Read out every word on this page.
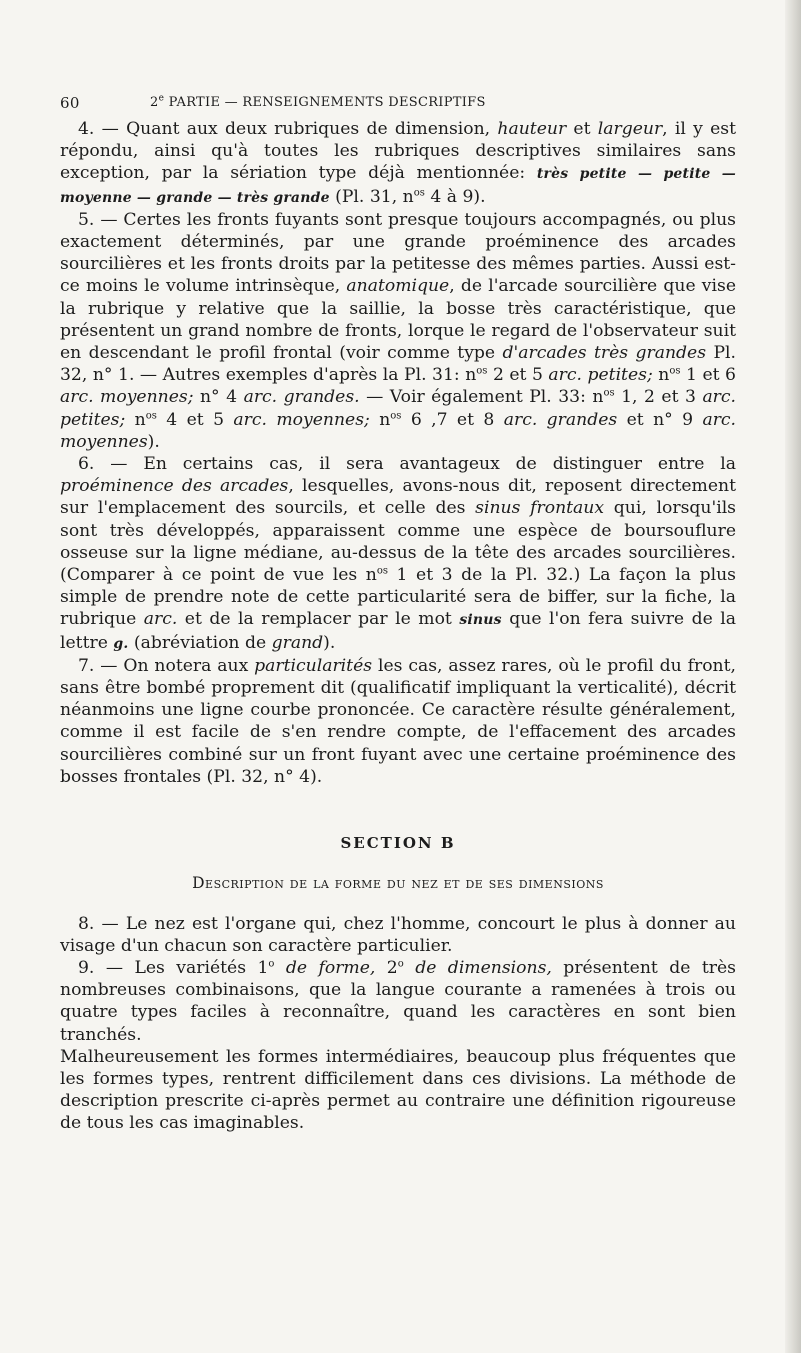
60	2e PARTIE — RENSEIGNEMENTS DESCRIPTIFS

4. — Quant aux deux rubriques de dimension, hauteur et largeur, il y est répondu, ainsi qu'à toutes les rubriques descriptives similaires sans exception, par la sériation type déjà mentionnée: très petite — petite — moyenne — grande — très grande (Pl. 31, $n^{os}$ 4 à 9).

5. — Certes les fronts fuyants sont presque toujours accompagnés, ou plus exactement déterminés, par une grande proéminence des arcades sourcilières et les fronts droits par la petitesse des mêmes parties. Aussi est-ce moins le volume intrinsèque, anatomique, de l'arcade sourcilière que vise la rubrique y relative que la saillie, la bosse très caractéristique, que présentent un grand nombre de fronts, lorque le regard de l'observateur suit en descendant le profil frontal (voir comme type d'arcades très grandes Pl. 32, n° 1. — Autres exemples d'après la Pl. 31: $n^{os}$ 2 et 5 arc. petites; $n^{os}$ 1 et 6 arc. moyennes; n° 4 arc. grandes. — Voir également Pl. 33: $n^{os}$ 1, 2 et 3 arc. petites; $n^{os}$ 4 et 5 arc. moyennes; $n^{os}$ 6 ,7 et 8 arc. grandes et n° 9 arc. moyennes).

6. — En certains cas, il sera avantageux de distinguer entre la proéminence des arcades, lesquelles, avons-nous dit, reposent directement sur l'emplacement des sourcils, et celle des sinus frontaux qui, lorsqu'ils sont très développés, apparaissent comme une espèce de boursouflure osseuse sur la ligne médiane, au-dessus de la tête des arcades sourcilières. (Comparer à ce point de vue les $n^{os}$ 1 et 3 de la Pl. 32.) La façon la plus simple de prendre note de cette particularité sera de biffer, sur la fiche, la rubrique arc. et de la remplacer par le mot sinus que l'on fera suivre de la lettre g. (abréviation de grand).

7. — On notera aux particularités les cas, assez rares, où le profil du front, sans être bombé proprement dit (qualificatif impliquant la verticalité), décrit néanmoins une ligne courbe prononcée. Ce caractère résulte généralement, comme il est facile de s'en rendre compte, de l'effacement des arcades sourcilières combiné sur un front fuyant avec une certaine proéminence des bosses frontales (Pl. 32, n° 4).

SECTION B
Description de la forme du nez et de ses dimensions

8. — Le nez est l'organe qui, chez l'homme, concourt le plus à donner au visage d'un chacun son caractère particulier.

9. — Les variétés 1$^o$ de forme, 2$^o$ de dimensions, présentent de très nombreuses combinaisons, que la langue courante a ramenées à trois ou quatre types faciles à reconnaître, quand les caractères en sont bien tranchés.

Malheureusement les formes intermédiaires, beaucoup plus fréquentes que les formes types, rentrent difficilement dans ces divisions. La méthode de description prescrite ci-après permet au contraire une définition rigoureuse de tous les cas imaginables.
